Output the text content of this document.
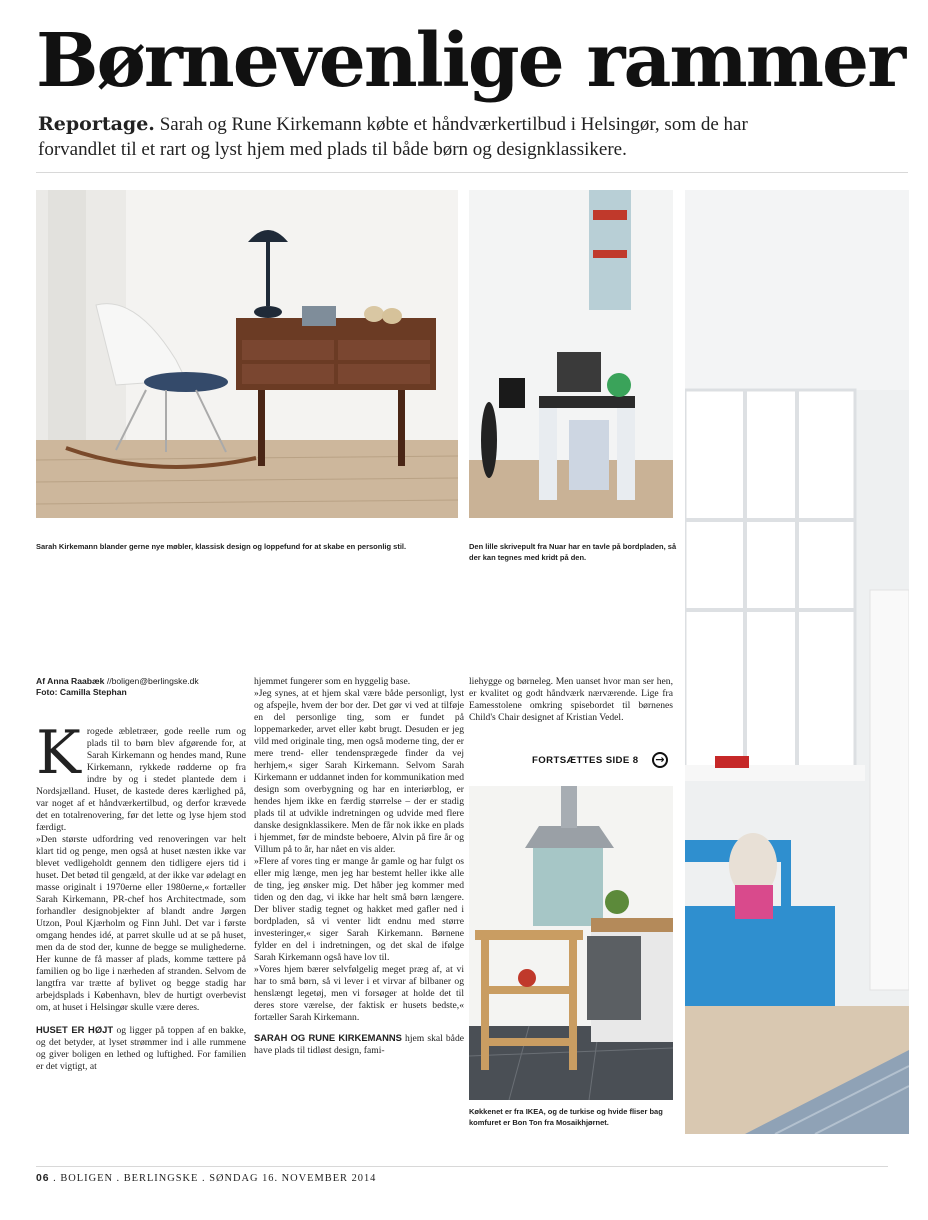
Børnevenlige rammer
Reportage. Sarah og Rune Kirkemann købte et håndværkertilbud i Helsingør, som de har forvandlet til et rart og lyst hjem med plads til både børn og designklassikere.
Sarah Kirkemann blander gerne nye møbler, klassisk design og loppefund for at skabe en personlig stil.	Den lille skrivepult fra Nuar har en tavle på bordpladen, så der kan tegnes med kridt på den.
Køkkenet er fra IKEA, og de turkise og hvide fliser bag komfuret er Bon Ton fra Mosaikhjørnet.
Af Anna Raabæk //boligen@berlingske.dk
Foto: Camilla Stephan

Krogede æbletræer, gode reelle rum og plads til to børn blev afgørende for, at Sarah Kirkemann og hendes mand, Rune Kirkemann, rykkede rødderne op fra indre by og i stedet plantede dem i Nordsjælland. Huset, de kastede deres kærlighed på, var noget af et håndværkertilbud, og derfor krævede det en totalrenovering, før det lette og lyse hjem stod færdigt.

»Den største udfordring ved renoveringen var helt klart tid og penge, men også at huset næsten ikke var blevet vedligeholdt gennem den tidligere ejers tid i huset. Det betød til gengæld, at der ikke var ødelagt en masse originalt i 1970erne eller 1980erne,« fortæller Sarah Kirkemann, PR-chef hos Architectmade, som forhandler designobjekter af blandt andre Jørgen Utzon, Poul Kjærholm og Finn Juhl. Det var i første omgang hendes idé, at parret skulle ud at se på huset, men da de stod der, kunne de begge se mulighederne. Her kunne de få masser af plads, komme tættere på familien og bo lige i nærheden af stranden. Selvom de langtfra var trætte af bylivet og begge stadig har arbejdsplads i København, blev de hurtigt overbevist om, at huset i Helsingør skulle være deres.

HUSET ER HØJT og ligger på toppen af en bakke, og det betyder, at lyset strømmer ind i alle rummene og giver boligen en lethed og luftighed. For familien er det vigtigt, at

hjemmet fungerer som en hyggelig base.

»Jeg synes, at et hjem skal være både personligt, lyst og afspejle, hvem der bor der. Det gør vi ved at tilføje en del personlige ting, som er fundet på loppemarkeder, arvet eller købt brugt. Desuden er jeg vild med originale ting, men også moderne ting, der er mere trend- eller tendensprægede finder da vej herhjem,« siger Sarah Kirkemann. Selvom Sarah Kirkemann er uddannet inden for kommunikation med design som overbygning og har en interiørblog, er hendes hjem ikke en færdig størrelse – der er stadig plads til at udvikle indretningen og udvide med flere danske designklassikere. Men de får nok ikke en plads i hjemmet, før de mindste beboere, Alvin på fire år og Villum på to år, har nået en vis alder.

»Flere af vores ting er mange år gamle og har fulgt os eller mig længe, men jeg har bestemt heller ikke alle de ting, jeg ønsker mig. Det håber jeg kommer med tiden og den dag, vi ikke har helt små børn længere. Der bliver stadig tegnet og hakket med gafler ned i bordpladen, så vi venter lidt endnu med større investeringer,« siger Sarah Kirkemann. Børnene fylder en del i indretningen, og det skal de ifølge Sarah Kirkemann også have lov til.

»Vores hjem bærer selvfølgelig meget præg af, at vi har to små børn, så vi lever i et virvar af bilbaner og henslængt legetøj, men vi forsøger at holde det til deres store værelse, der faktisk er husets bedste,« fortæller Sarah Kirkemann.

SARAH OG RUNE KIRKEMANNS hjem skal både have plads til tidløst design, fami-

liehygge og børneleg. Men uanset hvor man ser hen, er kvalitet og godt håndværk nærværende. Lige fra Eamesstolene omkring spisebordet til børnenes Child's Chair designet af Kristian Vedel.

FORTSÆTTES SIDE 8	→
06 . BOLIGEN . BERLINGSKE . SØNDAG 16. NOVEMBER 2014
